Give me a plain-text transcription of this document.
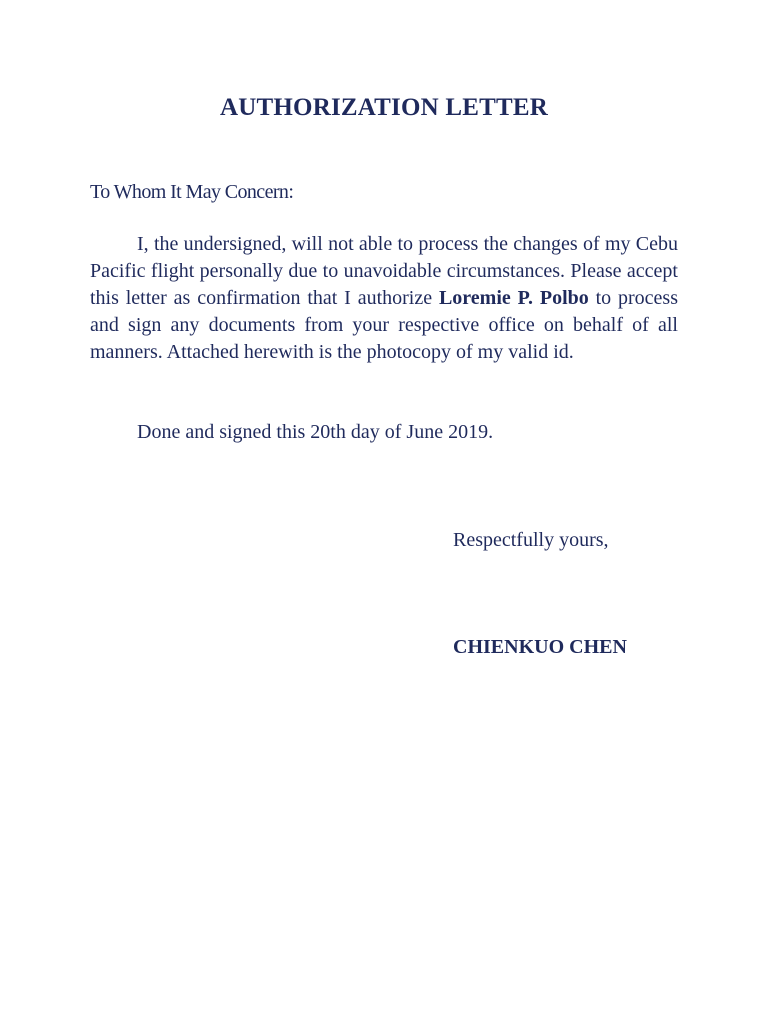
AUTHORIZATION LETTER
To Whom It May Concern:

I, the undersigned, will not able to process the changes of my Cebu Pacific flight personally due to unavoidable circumstances. Please accept this letter as confirmation that I authorize Loremie P. Polbo to process and sign any documents from your respective office on behalf of all manners. Attached herewith is the photocopy of my valid id.

Done and signed this 20th day of June 2019.
Respectfully yours,
CHIENKUO CHEN
